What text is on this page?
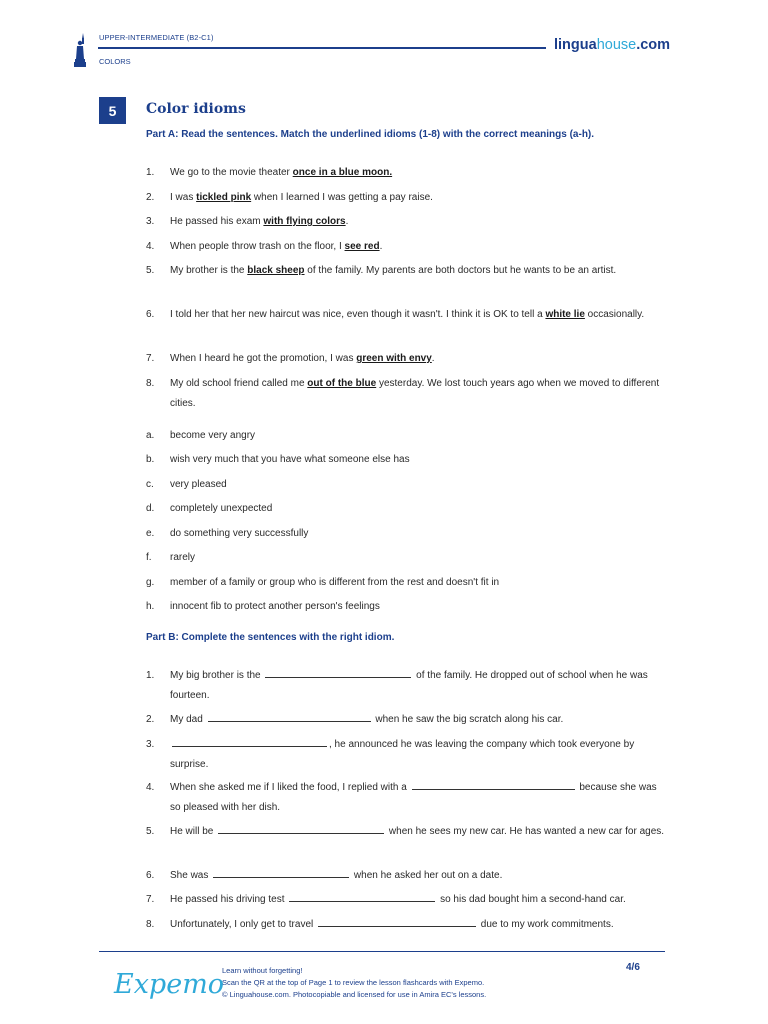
UPPER-INTERMEDIATE (B2-C1)
COLORS
linguahouse.com
5	Color idioms
Part A: Read the sentences. Match the underlined idioms (1-8) with the correct meanings (a-h).
1.	We go to the movie theater once in a blue moon.
2.	I was tickled pink when I learned I was getting a pay raise.
3.	He passed his exam with flying colors.
4.	When people throw trash on the floor, I see red.
5.	My brother is the black sheep of the family. My parents are both doctors but he wants to be an artist.
6.	I told her that her new haircut was nice, even though it wasn't. I think it is OK to tell a white lie occasionally.
7.	When I heard he got the promotion, I was green with envy.
8.	My old school friend called me out of the blue yesterday. We lost touch years ago when we moved to different cities.
a.	become very angry
b.	wish very much that you have what someone else has
c.	very pleased
d.	completely unexpected
e.	do something very successfully
f.	rarely
g.	member of a family or group who is different from the rest and doesn't fit in
h.	innocent fib to protect another person's feelings
Part B: Complete the sentences with the right idiom.
1.	My big brother is the	of the family. He dropped out of school when he was fourteen.
2.	My dad	when he saw the big scratch along his car.
3.	, he announced he was leaving the company which took everyone by surprise.
4.	When she asked me if I liked the food, I replied with a	because she was so pleased with her dish.
5.	He will be	when he sees my new car. He has wanted a new car for ages.
6.	She was	when he asked her out on a date.
7.	He passed his driving test	so his dad bought him a second-hand car.
8.	Unfortunately, I only get to travel	due to my work commitments.
Expemo
Learn without forgetting!
Scan the QR at the top of Page 1 to review the lesson flashcards with Expemo.
© Linguahouse.com. Photocopiable and licensed for use in Amira EC's lessons.
4/6
